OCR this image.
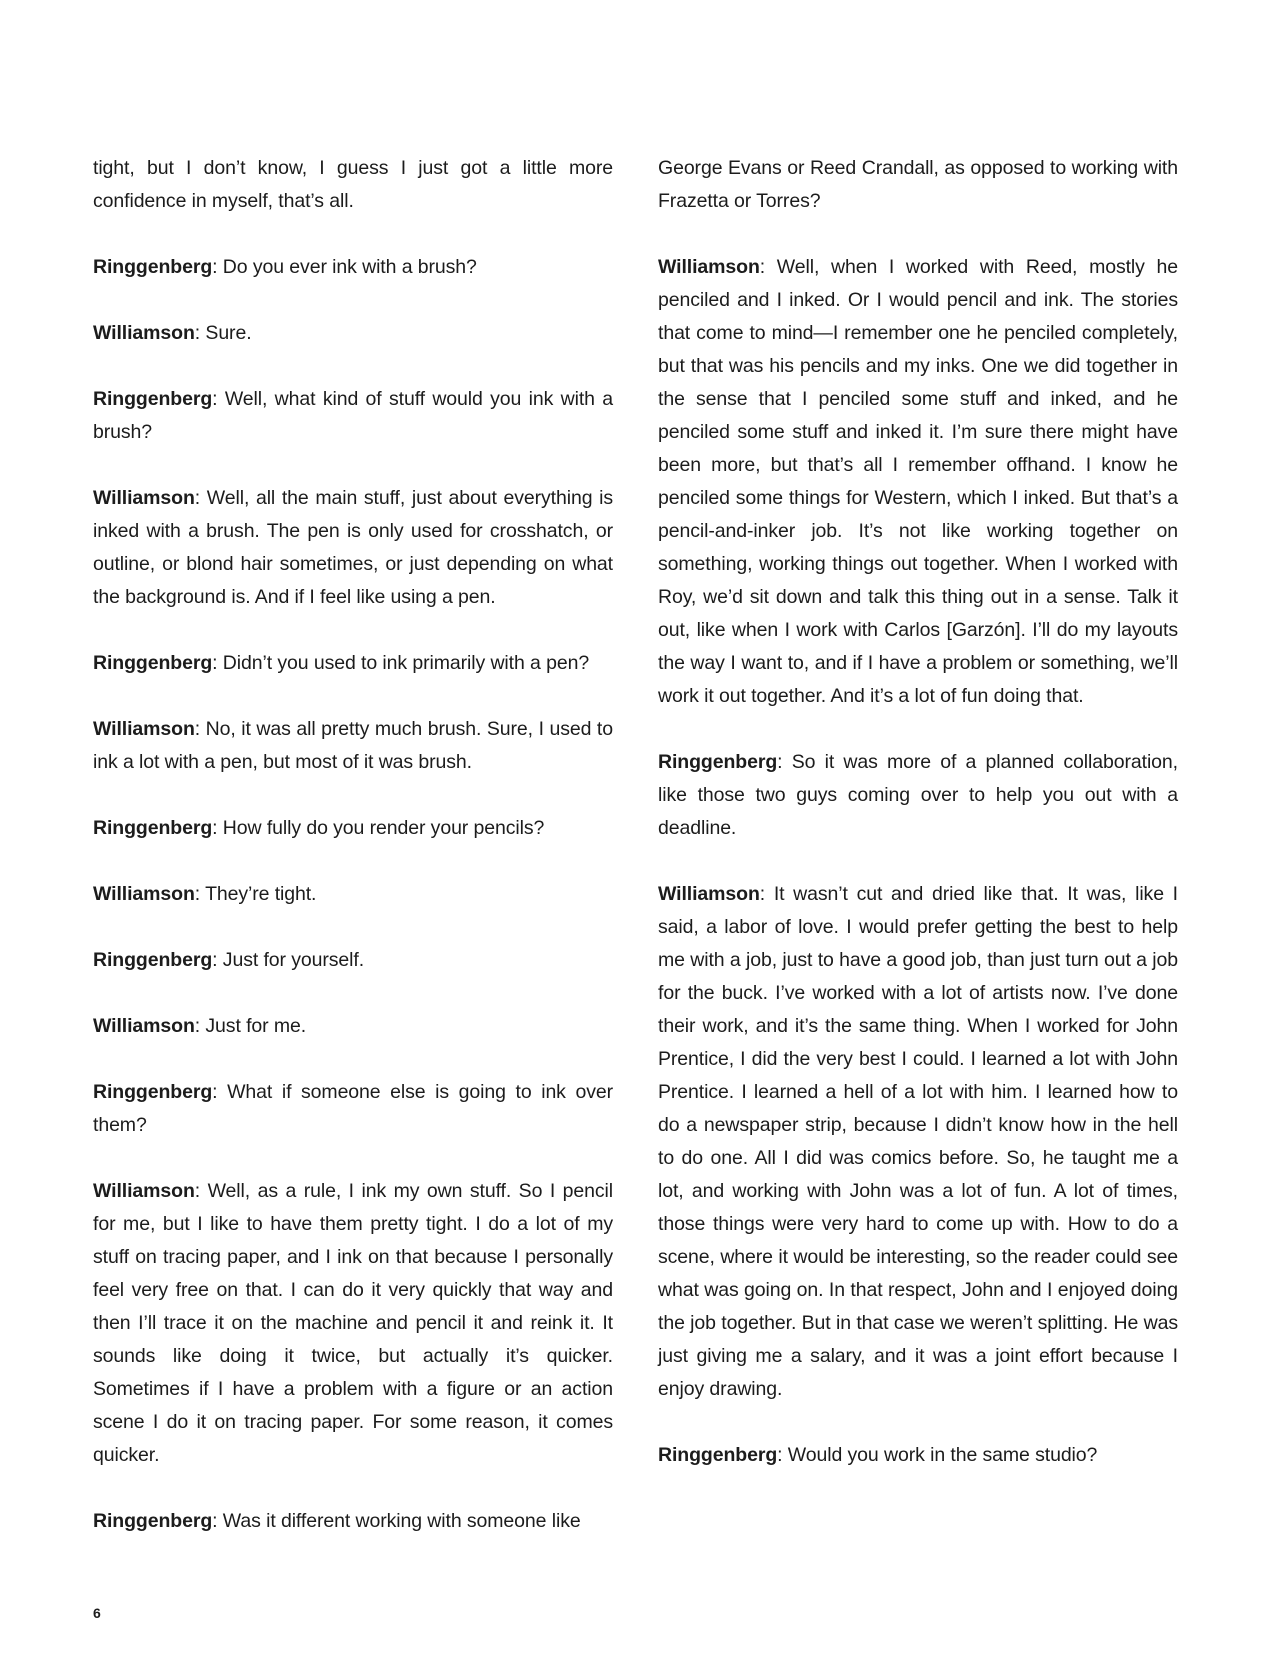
tight, but I don’t know, I guess I just got a little more confidence in myself, that’s all.

Ringgenberg: Do you ever ink with a brush?

Williamson: Sure.

Ringgenberg: Well, what kind of stuff would you ink with a brush?

Williamson: Well, all the main stuff, just about everything is inked with a brush. The pen is only used for crosshatch, or outline, or blond hair sometimes, or just depending on what the background is. And if I feel like using a pen.

Ringgenberg: Didn’t you used to ink primarily with a pen?

Williamson: No, it was all pretty much brush. Sure, I used to ink a lot with a pen, but most of it was brush.

Ringgenberg: How fully do you render your pencils?

Williamson: They’re tight.

Ringgenberg: Just for yourself.

Williamson: Just for me.

Ringgenberg: What if someone else is going to ink over them?

Williamson: Well, as a rule, I ink my own stuff. So I pencil for me, but I like to have them pretty tight. I do a lot of my stuff on tracing paper, and I ink on that because I personally feel very free on that. I can do it very quickly that way and then I’ll trace it on the machine and pencil it and reink it. It sounds like doing it twice, but actually it’s quicker. Sometimes if I have a problem with a figure or an action scene I do it on tracing paper. For some reason, it comes quicker.

Ringgenberg: Was it different working with someone like

George Evans or Reed Crandall, as opposed to working with Frazetta or Torres?

Williamson: Well, when I worked with Reed, mostly he penciled and I inked. Or I would pencil and ink. The stories that come to mind—I remember one he penciled completely, but that was his pencils and my inks. One we did together in the sense that I penciled some stuff and inked, and he penciled some stuff and inked it. I’m sure there might have been more, but that’s all I remember offhand. I know he penciled some things for Western, which I inked. But that’s a pencil-and-inker job. It’s not like working together on something, working things out together. When I worked with Roy, we’d sit down and talk this thing out in a sense. Talk it out, like when I work with Carlos [Garzón]. I’ll do my layouts the way I want to, and if I have a problem or something, we’ll work it out together. And it’s a lot of fun doing that.

Ringgenberg: So it was more of a planned collaboration, like those two guys coming over to help you out with a deadline.

Williamson: It wasn’t cut and dried like that. It was, like I said, a labor of love. I would prefer getting the best to help me with a job, just to have a good job, than just turn out a job for the buck. I’ve worked with a lot of artists now. I’ve done their work, and it’s the same thing. When I worked for John Prentice, I did the very best I could. I learned a lot with John Prentice. I learned a hell of a lot with him. I learned how to do a newspaper strip, because I didn’t know how in the hell to do one. All I did was comics before. So, he taught me a lot, and working with John was a lot of fun. A lot of times, those things were very hard to come up with. How to do a scene, where it would be interesting, so the reader could see what was going on. In that respect, John and I enjoyed doing the job together. But in that case we weren’t splitting. He was just giving me a salary, and it was a joint effort because I enjoy drawing.

Ringgenberg: Would you work in the same studio?

6
